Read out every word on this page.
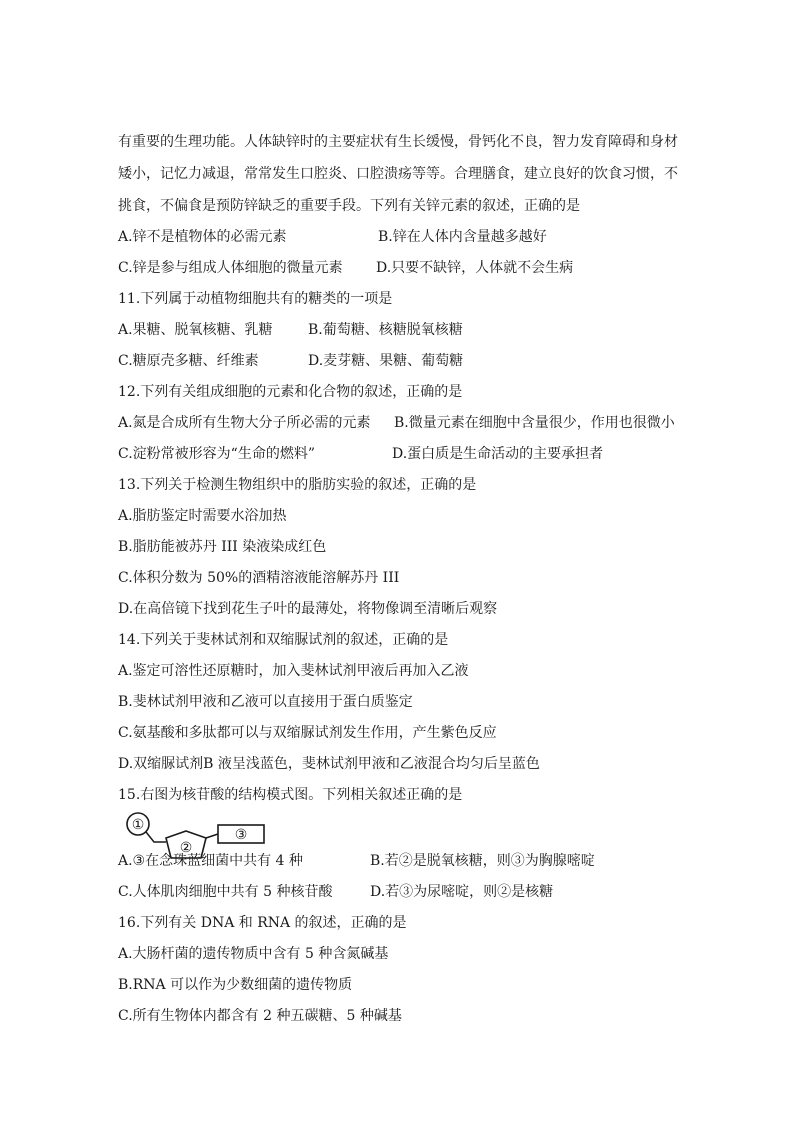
有重要的生理功能。人体缺锌时的主要症状有生长缓慢，骨钙化不良，智力发育障碍和身材
矮小，记忆力减退，常常发生口腔炎、口腔溃疡等等。合理膳食，建立良好的饮食习惯，不
挑食，不偏食是预防锌缺乏的重要手段。下列有关锌元素的叙述，正确的是
A.锌不是植物体的必需元素	B.锌在人体内含量越多越好
C.锌是参与组成人体细胞的微量元素 D.只要不缺锌，人体就不会生病
11.下列属于动植物细胞共有的糖类的一项是
A.果糖、脱氧核糖、乳糖	B.葡萄糖、核糖脱氧核糖
C.糖原壳多糖、纤维素	D.麦芽糖、果糖、葡萄糖
12.下列有关组成细胞的元素和化合物的叙述，正确的是
A.氮是合成所有生物大分子所必需的元素 B.微量元素在细胞中含量很少，作用也很微小
C.淀粉常被形容为“生命的燃料”	D.蛋白质是生命活动的主要承担者
13.下列关于检测生物组织中的脂肪实验的叙述，正确的是
A.脂肪鉴定时需要水浴加热
B.脂肪能被苏丹 III 染液染成红色
C.体积分数为 50%的酒精溶液能溶解苏丹 III
D.在高倍镜下找到花生子叶的最薄处，将物像调至清晰后观察
14.下列关于斐林试剂和双缩脲试剂的叙述，正确的是
A.鉴定可溶性还原糖时，加入斐林试剂甲液后再加入乙液
B.斐林试剂甲液和乙液可以直接用于蛋白质鉴定
C.氨基酸和多肽都可以与双缩脲试剂发生作用，产生紫色反应
D.双缩脲试剂B 液呈浅蓝色，斐林试剂甲液和乙液混合均匀后呈蓝色
15.右图为核苷酸的结构模式图。下列相关叙述正确的是
①
②
③
A.③在念珠蓝细菌中共有 4 种	B.若②是脱氧核糖，则③为胸腺嘧啶
C.人体肌肉细胞中共有 5 种核苷酸	D.若③为尿嘧啶，则②是核糖
16.下列有关 DNA 和 RNA 的叙述，正确的是
A.大肠杆菌的遗传物质中含有 5 种含氮碱基
B.RNA 可以作为少数细菌的遗传物质
C.所有生物体内都含有 2 种五碳糖、5 种碱基
